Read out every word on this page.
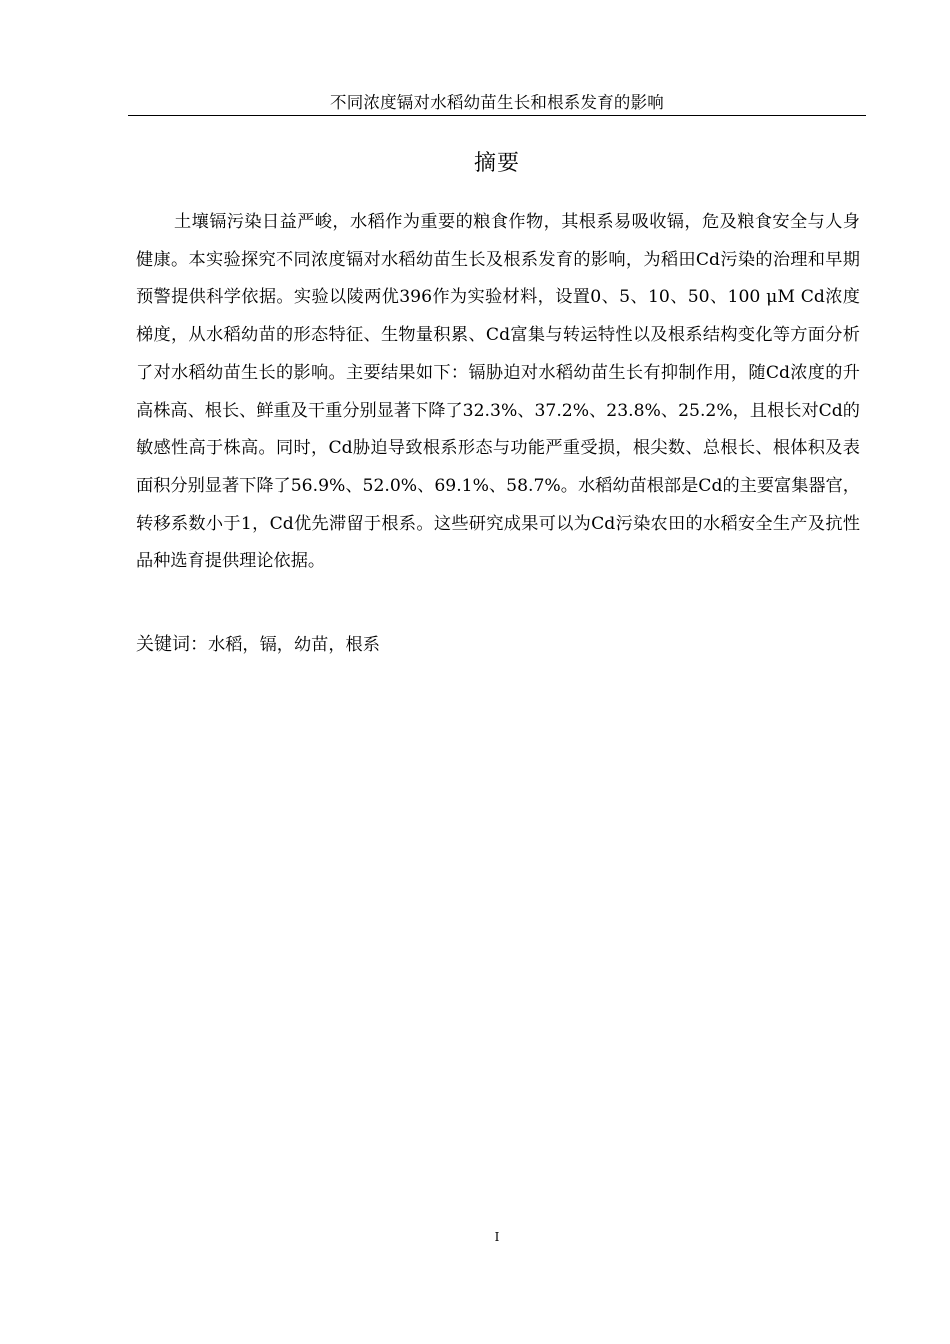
不同浓度镉对水稻幼苗生长和根系发育的影响
摘要

土壤镉污染日益严峻，水稻作为重要的粮食作物，其根系易吸收镉，危及粮食安全与人身健康。本实验探究不同浓度镉对水稻幼苗生长及根系发育的影响，为稻田Cd污染的治理和早期预警提供科学依据。实验以陵两优396作为实验材料，设置0、5、10、50、100 μM Cd浓度梯度，从水稻幼苗的形态特征、生物量积累、Cd富集与转运特性以及根系结构变化等方面分析了对水稻幼苗生长的影响。主要结果如下：镉胁迫对水稻幼苗生长有抑制作用，随Cd浓度的升高株高、根长、鲜重及干重分别显著下降了32.3%、37.2%、23.8%、25.2%，且根长对Cd的敏感性高于株高。同时，Cd胁迫导致根系形态与功能严重受损，根尖数、总根长、根体积及表面积分别显著下降了56.9%、52.0%、69.1%、58.7%。水稻幼苗根部是Cd的主要富集器官，转移系数小于1，Cd优先滞留于根系。这些研究成果可以为Cd污染农田的水稻安全生产及抗性品种选育提供理论依据。

关键词：水稻，镉，幼苗，根系

I
